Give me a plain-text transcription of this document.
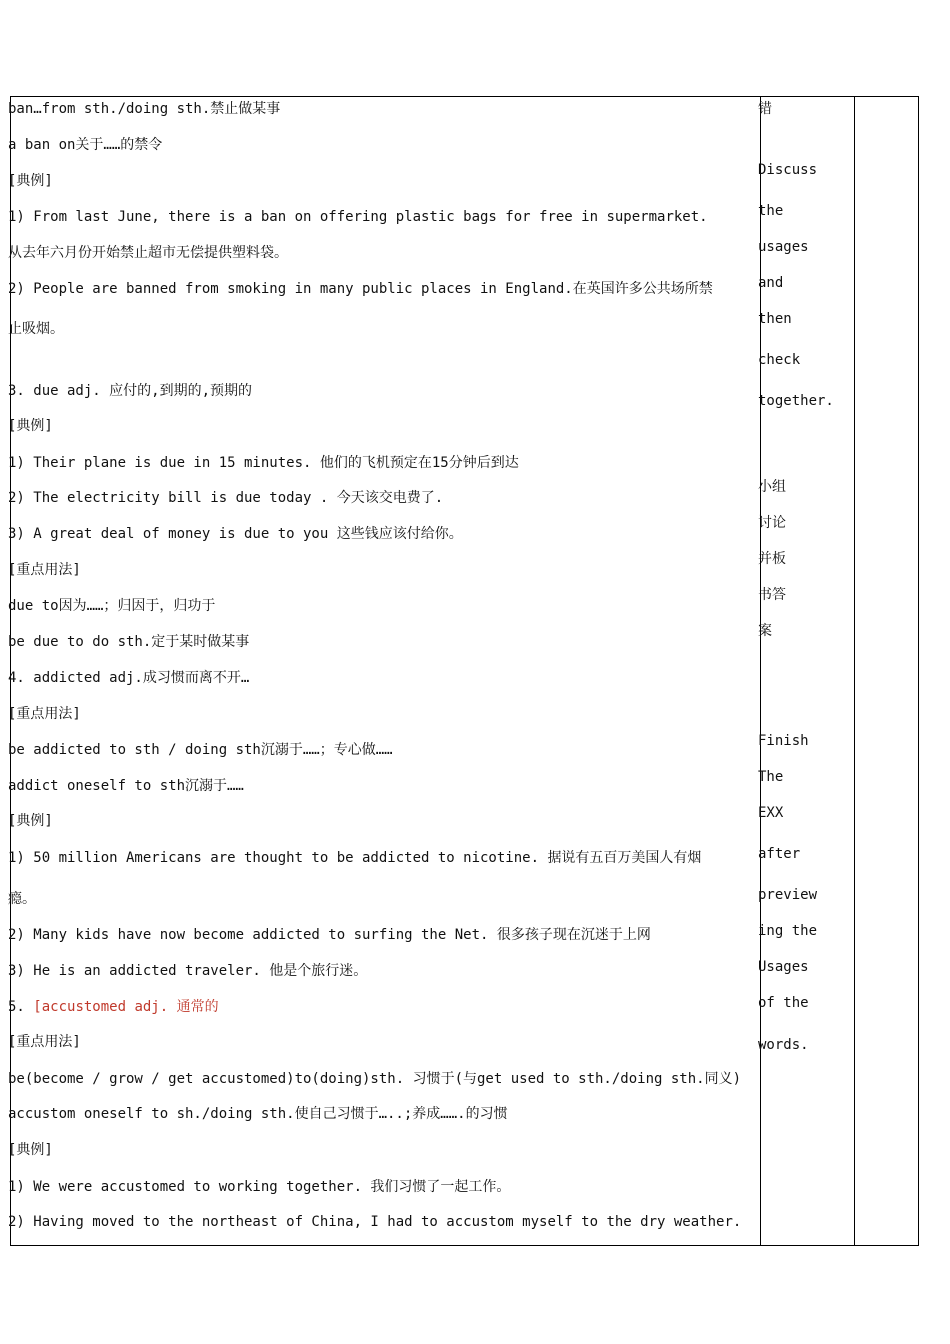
ban…from sth./doing sth.禁止做某事
a ban on关于……的禁令
[典例]
1) From last June, there is a ban on offering plastic bags for free in supermarket.
从去年六月份开始禁止超市无偿提供塑料袋。
2) People are banned from smoking in many public places in England.在英国许多公共场所禁
止吸烟。
3. due adj. 应付的,到期的,预期的
[典例]
1) Their plane is due in 15 minutes. 他们的飞机预定在15分钟后到达
2) The electricity bill is due today . 今天该交电费了.
3) A great deal of money is due to you 这些钱应该付给你。
[重点用法]
due to因为……；归因于，归功于
be due to do sth.定于某时做某事
4. addicted adj.成习惯而离不开…
[重点用法]
be addicted to sth / doing sth沉溺于……；专心做……
addict oneself to sth沉溺于……
[典例]
1) 50 million Americans are thought to be addicted to nicotine. 据说有五百万美国人有烟
瘾。
2) Many kids have now become addicted to surfing the Net. 很多孩子现在沉迷于上网
3) He is an addicted traveler. 他是个旅行迷。
5. [accustomed adj. 通常的
[重点用法]
be(become / grow / get accustomed)to(doing)sth. 习惯于(与get used to sth./doing sth.同义)
accustom oneself to sh./doing sth.使自己习惯于…..;养成…….的习惯
[典例]
1) We were accustomed to working together. 我们习惯了一起工作。
2) Having moved to the northeast of China, I had to accustom myself to the dry weather.
错
Discuss
the
usages
and
then
check
together.
小组
讨论
并板
书答
案
Finish
The
EXX
after
preview
ing the
Usages
of the
words.
